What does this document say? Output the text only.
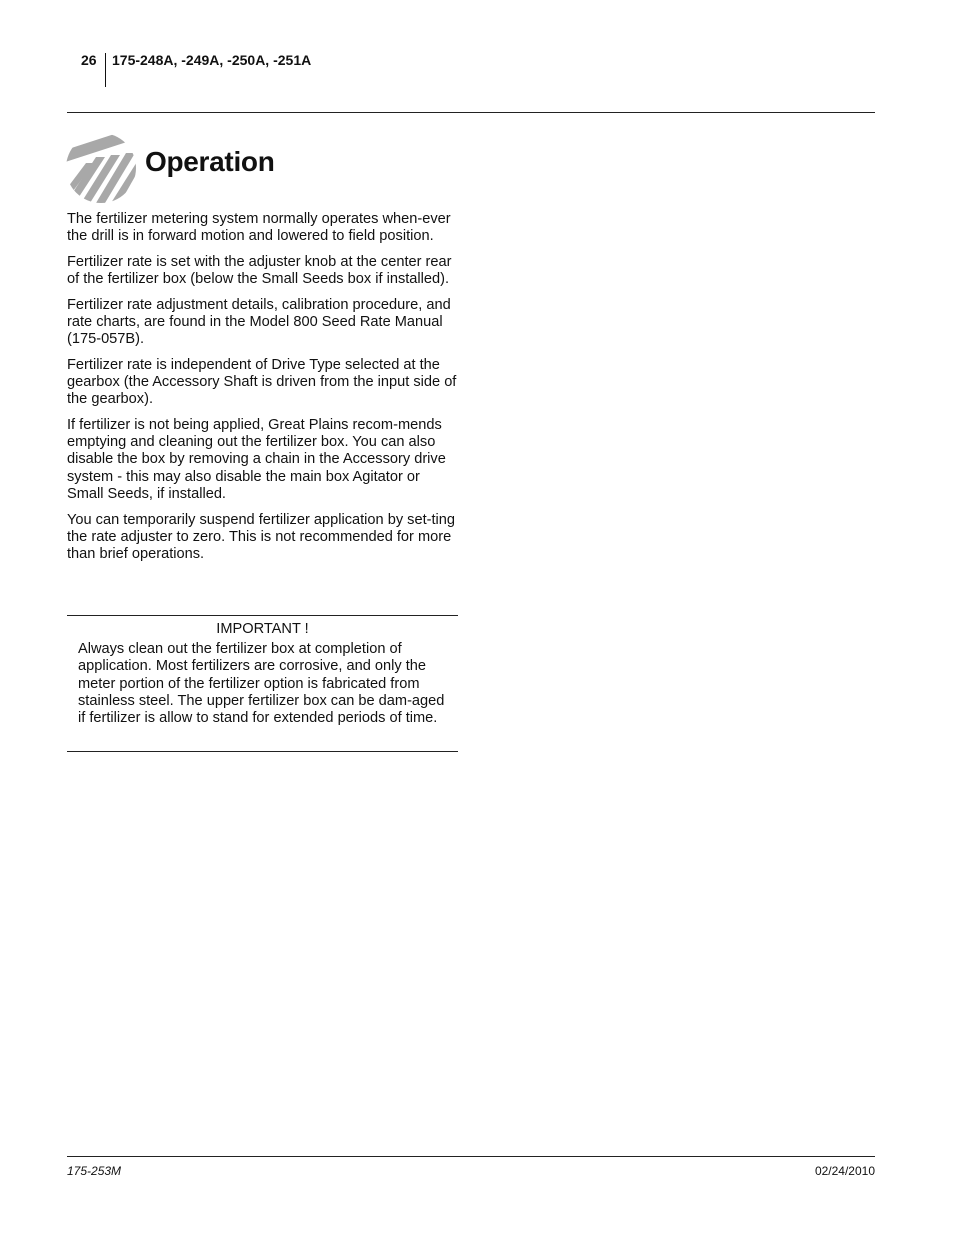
26 175-248A, -249A, -250A, -251A
Operation

The fertilizer metering system normally operates when-ever the drill is in forward motion and lowered to field position.

Fertilizer rate is set with the adjuster knob at the center rear of the fertilizer box (below the Small Seeds box if installed).

Fertilizer rate adjustment details, calibration procedure, and rate charts, are found in the Model 800 Seed Rate Manual (175-057B).

Fertilizer rate is independent of Drive Type selected at the gearbox (the Accessory Shaft is driven from the input side of the gearbox).

If fertilizer is not being applied, Great Plains recom-mends emptying and cleaning out the fertilizer box. You can also disable the box by removing a chain in the Accessory drive system - this may also disable the main box Agitator or Small Seeds, if installed.

You can temporarily suspend fertilizer application by set-ting the rate adjuster to zero. This is not recommended for more than brief operations.

IMPORTANT !

Always clean out the fertilizer box at completion of application. Most fertilizers are corrosive, and only the meter portion of the fertilizer option is fabricated from stainless steel. The upper fertilizer box can be dam-aged if fertilizer is allow to stand for extended periods of time.

175-253M	02/24/2010
